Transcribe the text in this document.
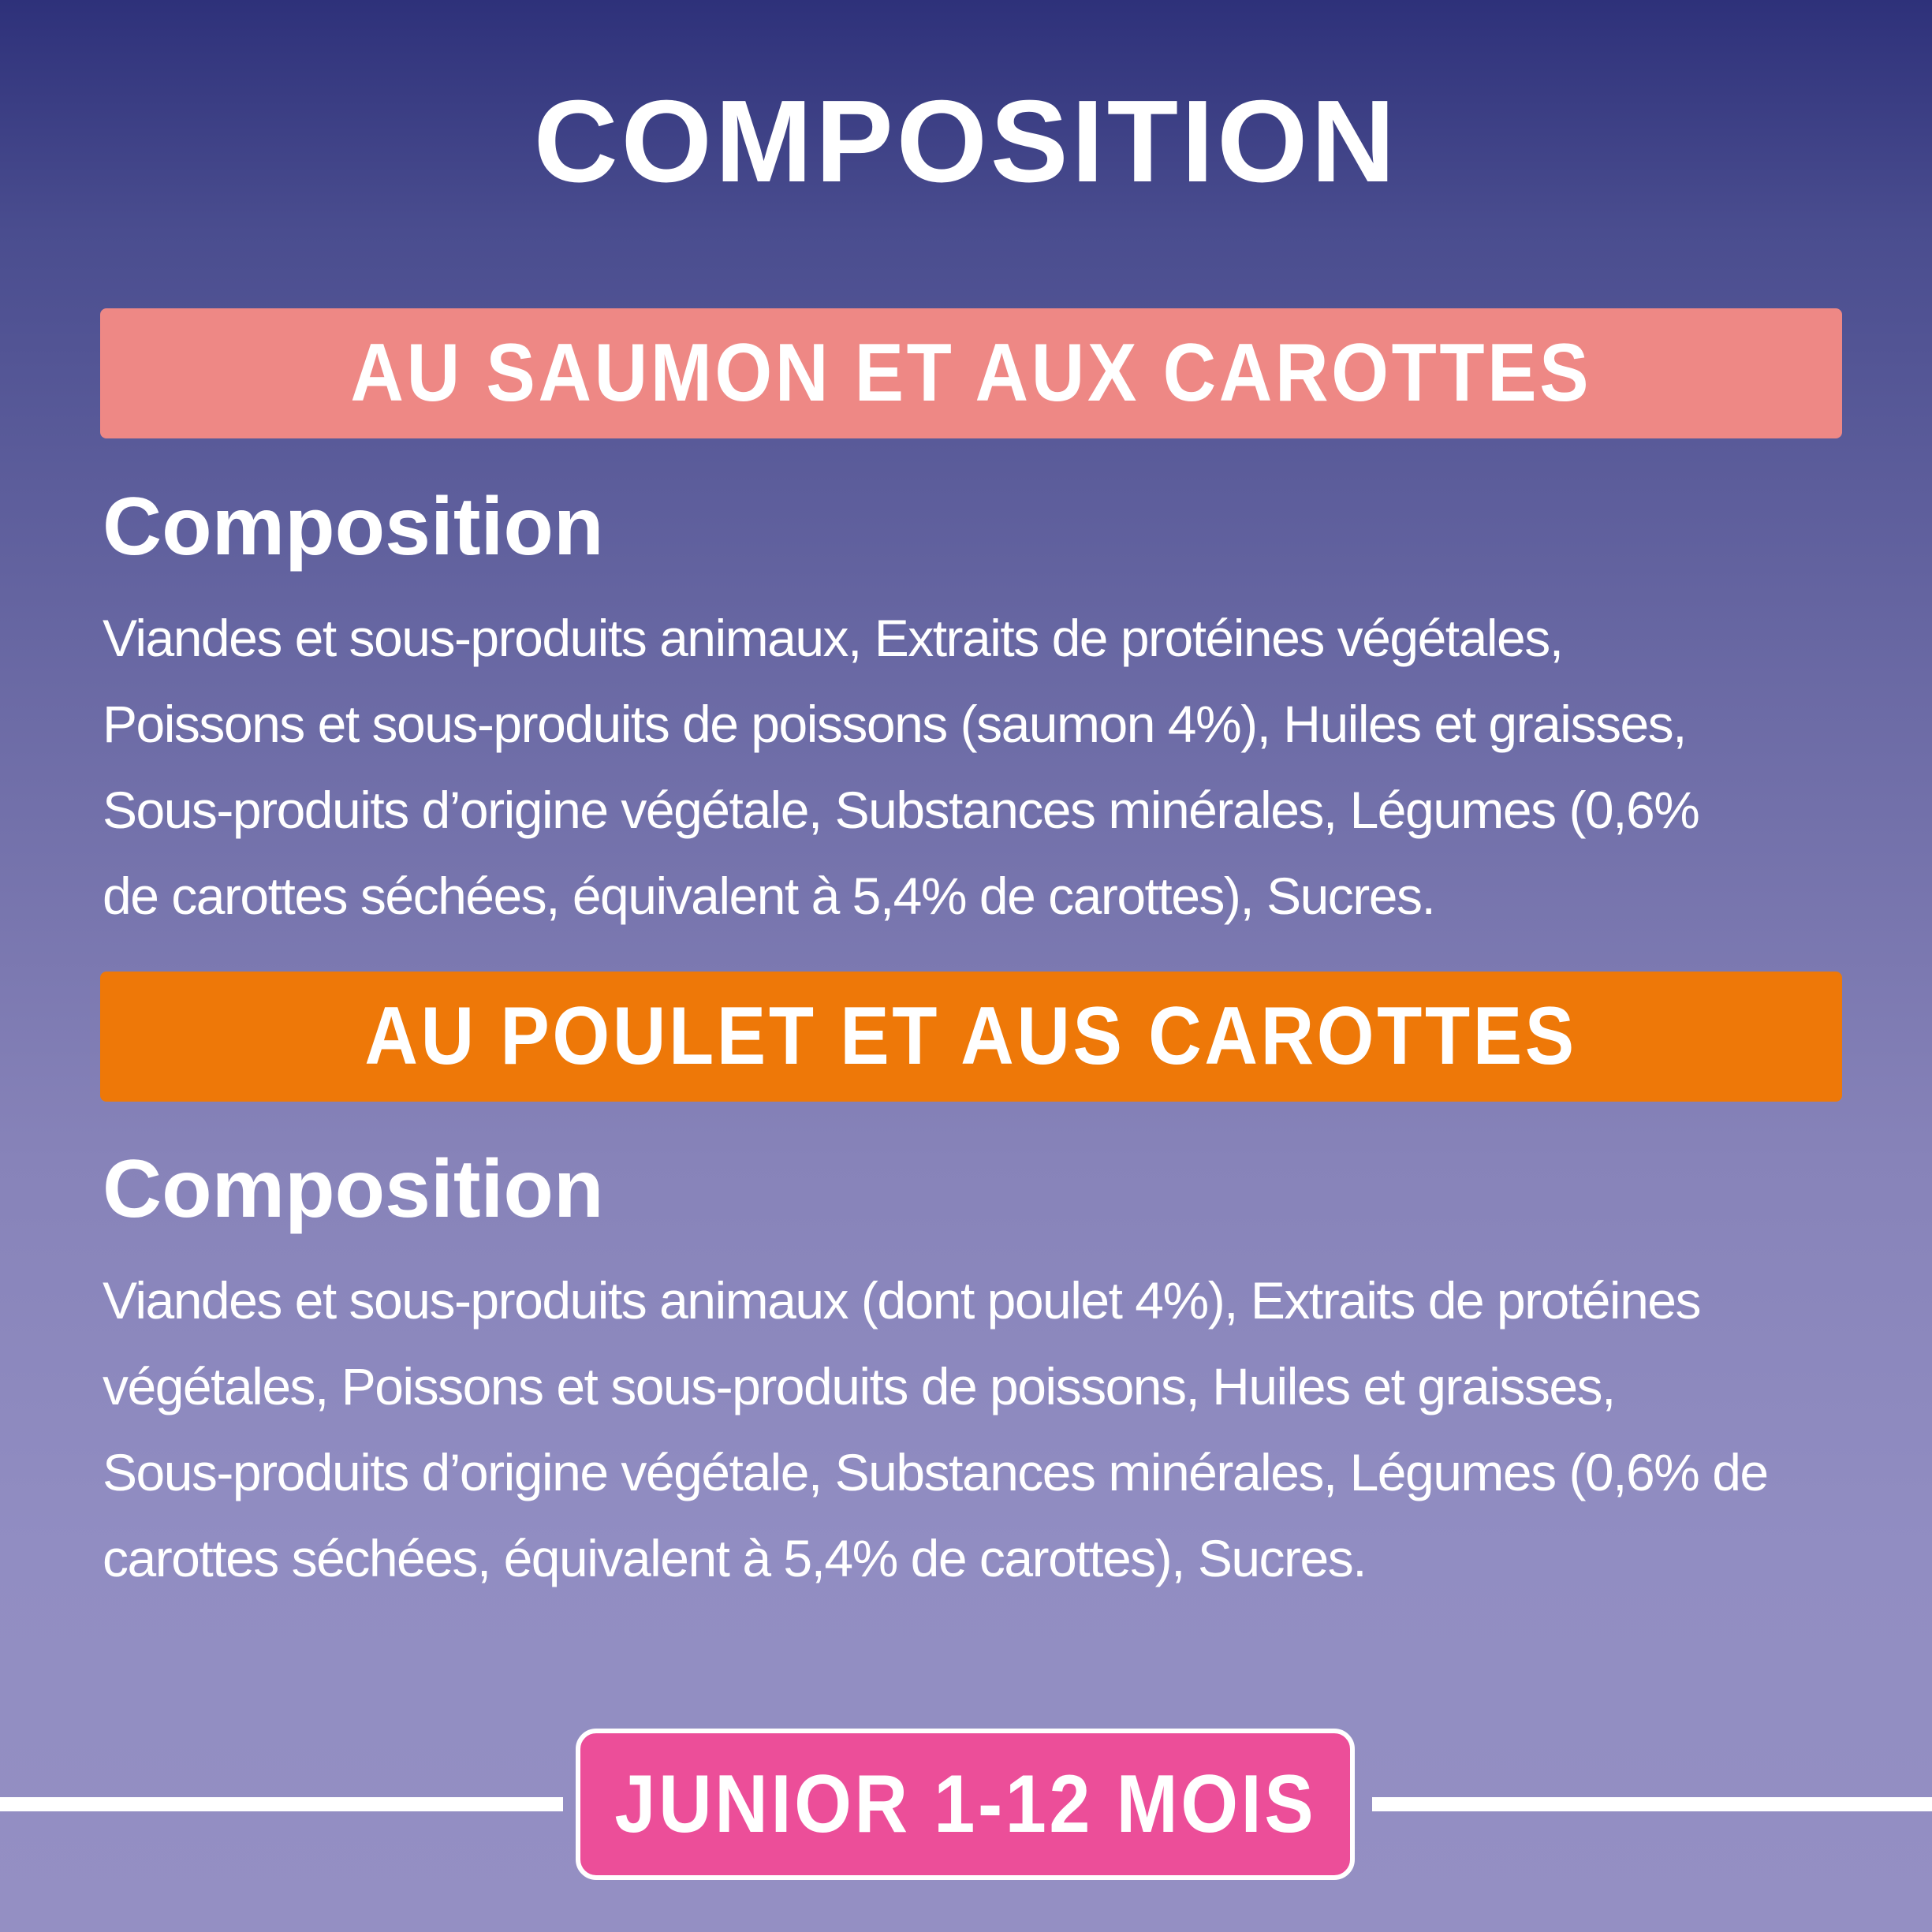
COMPOSITION
AU SAUMON ET AUX CAROTTES
Composition

Viandes et sous-produits animaux, Extraits de protéines végétales,
Poissons et sous-produits de poissons (saumon 4%), Huiles et graisses,
Sous-produits d’origine végétale, Substances minérales, Légumes (0,6%
de carottes séchées, équivalent à 5,4% de carottes), Sucres.

AU POULET ET AUS CAROTTES
Composition

Viandes et sous-produits animaux (dont poulet 4%), Extraits de protéines
végétales, Poissons et sous-produits de poissons, Huiles et graisses,
Sous-produits d’origine végétale, Substances minérales, Légumes (0,6% de
carottes séchées, équivalent à 5,4% de carottes), Sucres.

JUNIOR 1-12 MOIS
